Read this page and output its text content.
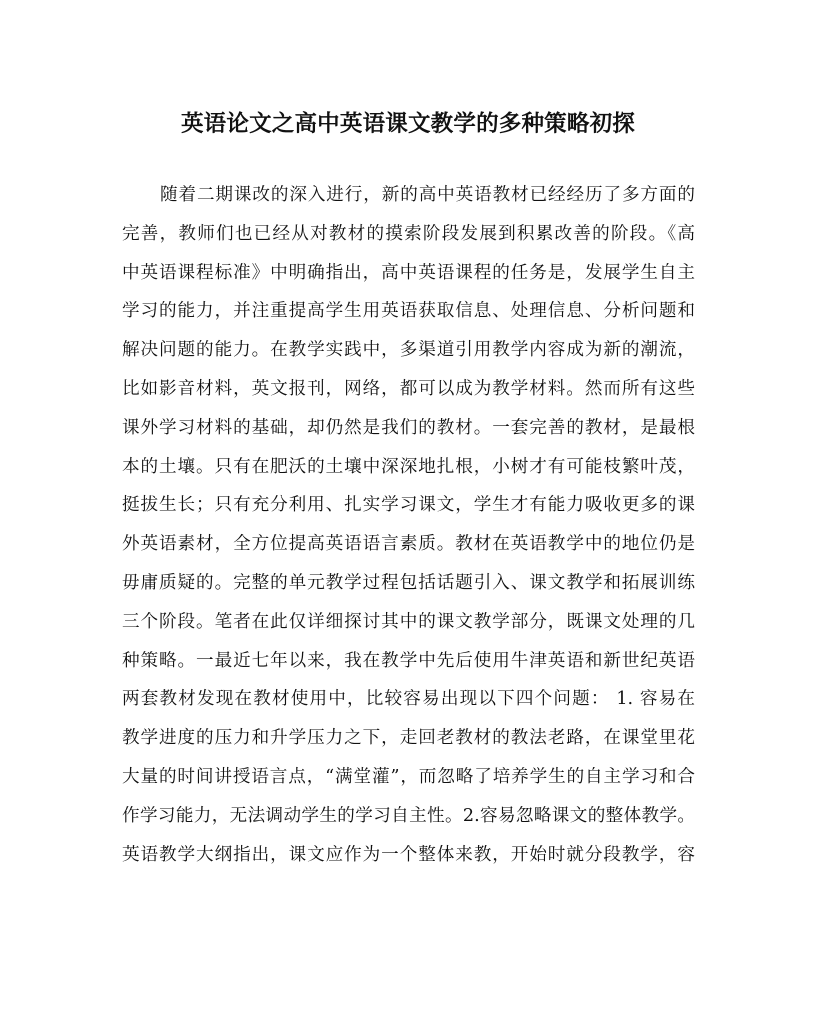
英语论文之高中英语课文教学的多种策略初探
随着二期课改的深入进行，新的高中英语教材已经经历了多方面的
完善，教师们也已经从对教材的摸索阶段发展到积累改善的阶段。《高
中英语课程标准》中明确指出，高中英语课程的任务是，发展学生自主
学习的能力，并注重提高学生用英语获取信息、处理信息、分析问题和
解决问题的能力。在教学实践中，多渠道引用教学内容成为新的潮流，
比如影音材料，英文报刊，网络，都可以成为教学材料。然而所有这些
课外学习材料的基础，却仍然是我们的教材。一套完善的教材，是最根
本的土壤。只有在肥沃的土壤中深深地扎根，小树才有可能枝繁叶茂，
挺拔生长；只有充分利用、扎实学习课文，学生才有能力吸收更多的课
外英语素材，全方位提高英语语言素质。教材在英语教学中的地位仍是
毋庸质疑的。完整的单元教学过程包括话题引入、课文教学和拓展训练
三个阶段。笔者在此仅详细探讨其中的课文教学部分，既课文处理的几
种策略。一最近七年以来，我在教学中先后使用牛津英语和新世纪英语
两套教材发现在教材使用中，比较容易出现以下四个问题： 1. 容易在
教学进度的压力和升学压力之下，走回老教材的教法老路，在课堂里花
大量的时间讲授语言点，“满堂灌”，而忽略了培养学生的自主学习和合
作学习能力，无法调动学生的学习自主性。2.容易忽略课文的整体教学。
英语教学大纲指出，课文应作为一个整体来教，开始时就分段教学，容
